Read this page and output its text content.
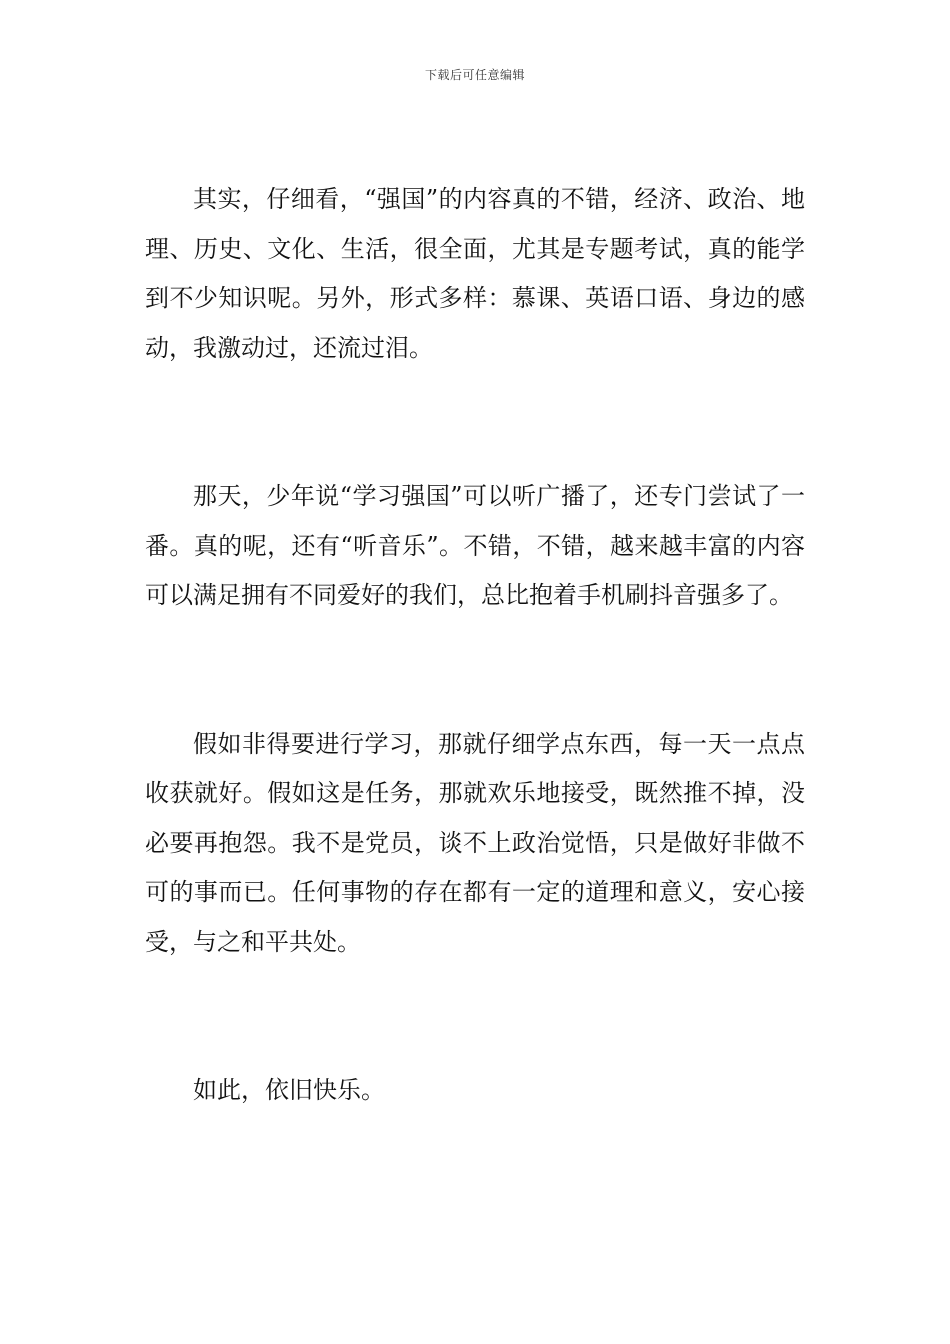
下载后可任意编辑

其实，仔细看，“强国”的内容真的不错，经济、政治、地理、历史、文化、生活，很全面，尤其是专题考试，真的能学到不少知识呢。另外，形式多样：慕课、英语口语、身边的感动，我激动过，还流过泪。

那天，少年说“学习强国”可以听广播了，还专门尝试了一番。真的呢，还有“听音乐”。不错，不错，越来越丰富的内容可以满足拥有不同爱好的我们，总比抱着手机刷抖音强多了。

假如非得要进行学习，那就仔细学点东西，每一天一点点收获就好。假如这是任务，那就欢乐地接受，既然推不掉，没必要再抱怨。我不是党员，谈不上政治觉悟，只是做好非做不可的事而已。任何事物的存在都有一定的道理和意义，安心接受，与之和平共处。

如此，依旧快乐。
